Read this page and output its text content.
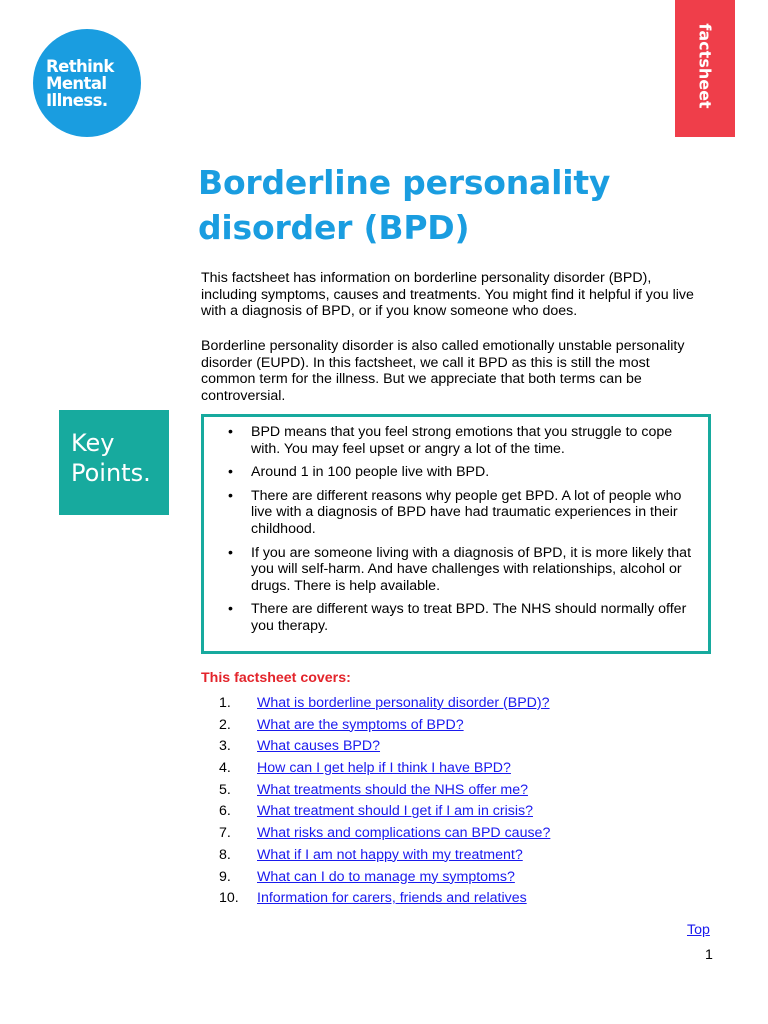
Rethink
Mental
Illness.	factsheet
Borderline personality
disorder (BPD)

This factsheet has information on borderline personality disorder (BPD), including symptoms, causes and treatments. You might find it helpful if you live with a diagnosis of BPD, or if you know someone who does.

Borderline personality disorder is also called emotionally unstable personality disorder (EUPD). In this factsheet, we call it BPD as this is still the most common term for the illness. But we appreciate that both terms can be controversial.

Key
Points.
• BPD means that you feel strong emotions that you struggle to cope with. You may feel upset or angry a lot of the time.
• Around 1 in 100 people live with BPD.
• There are different reasons why people get BPD. A lot of people who live with a diagnosis of BPD have had traumatic experiences in their childhood.
• If you are someone living with a diagnosis of BPD, it is more likely that you will self-harm. And have challenges with relationships, alcohol or drugs. There is help available.
• There are different ways to treat BPD. The NHS should normally offer you therapy.
This factsheet covers:
1.	What is borderline personality disorder (BPD)?
2.	What are the symptoms of BPD?
3.	What causes BPD?
4.	How can I get help if I think I have BPD?
5.	What treatments should the NHS offer me?
6.	What treatment should I get if I am in crisis?
7.	What risks and complications can BPD cause?
8.	What if I am not happy with my treatment?
9.	What can I do to manage my symptoms?
10.	Information for carers, friends and relatives
Top
1
